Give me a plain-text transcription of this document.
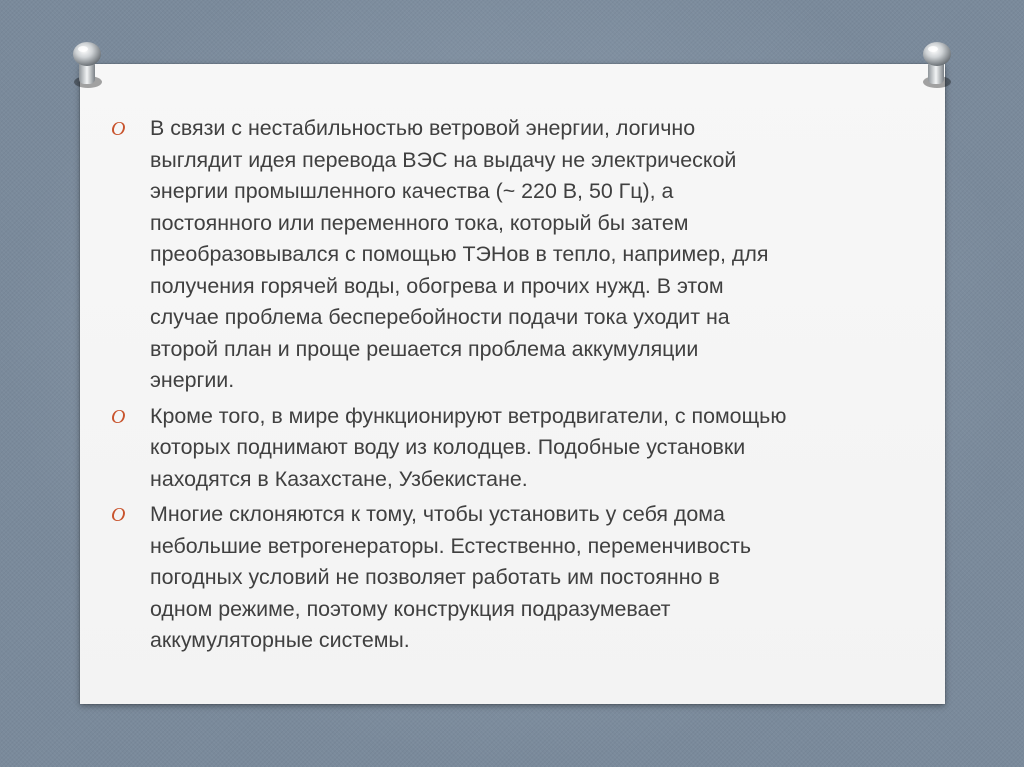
O В связи с нестабильностью ветровой энергии, логично
выглядит идея перевода ВЭС на выдачу не электрической
энергии промышленного качества (~ 220 В, 50 Гц), а
постоянного или переменного тока, который бы затем
преобразовывался с помощью ТЭНов в тепло, например, для
получения горячей воды, обогрева и прочих нужд. В этом
случае проблема бесперебойности подачи тока уходит на
второй план и проще решается проблема аккумуляции
энергии.

O Кроме того, в мире функционируют ветродвигатели, с помощью
которых поднимают воду из колодцев. Подобные установки
находятся в Казахстане, Узбекистане.

O Многие склоняются к тому, чтобы установить у себя дома
небольшие ветрогенераторы. Естественно, переменчивость
погодных условий не позволяет работать им постоянно в
одном режиме, поэтому конструкция подразумевает
аккумуляторные системы.
